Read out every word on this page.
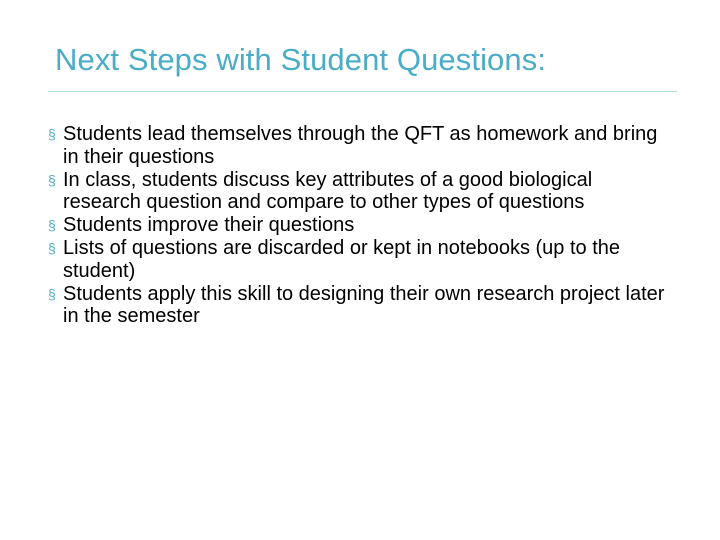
Next Steps with Student Questions:
§ Students lead themselves through the QFT as homework and bring in their questions
§ In class, students discuss key attributes of a good biological research question and compare to other types of questions
§ Students improve their questions
§ Lists of questions are discarded or kept in notebooks (up to the student)
§ Students apply this skill to designing their own research project later in the semester
